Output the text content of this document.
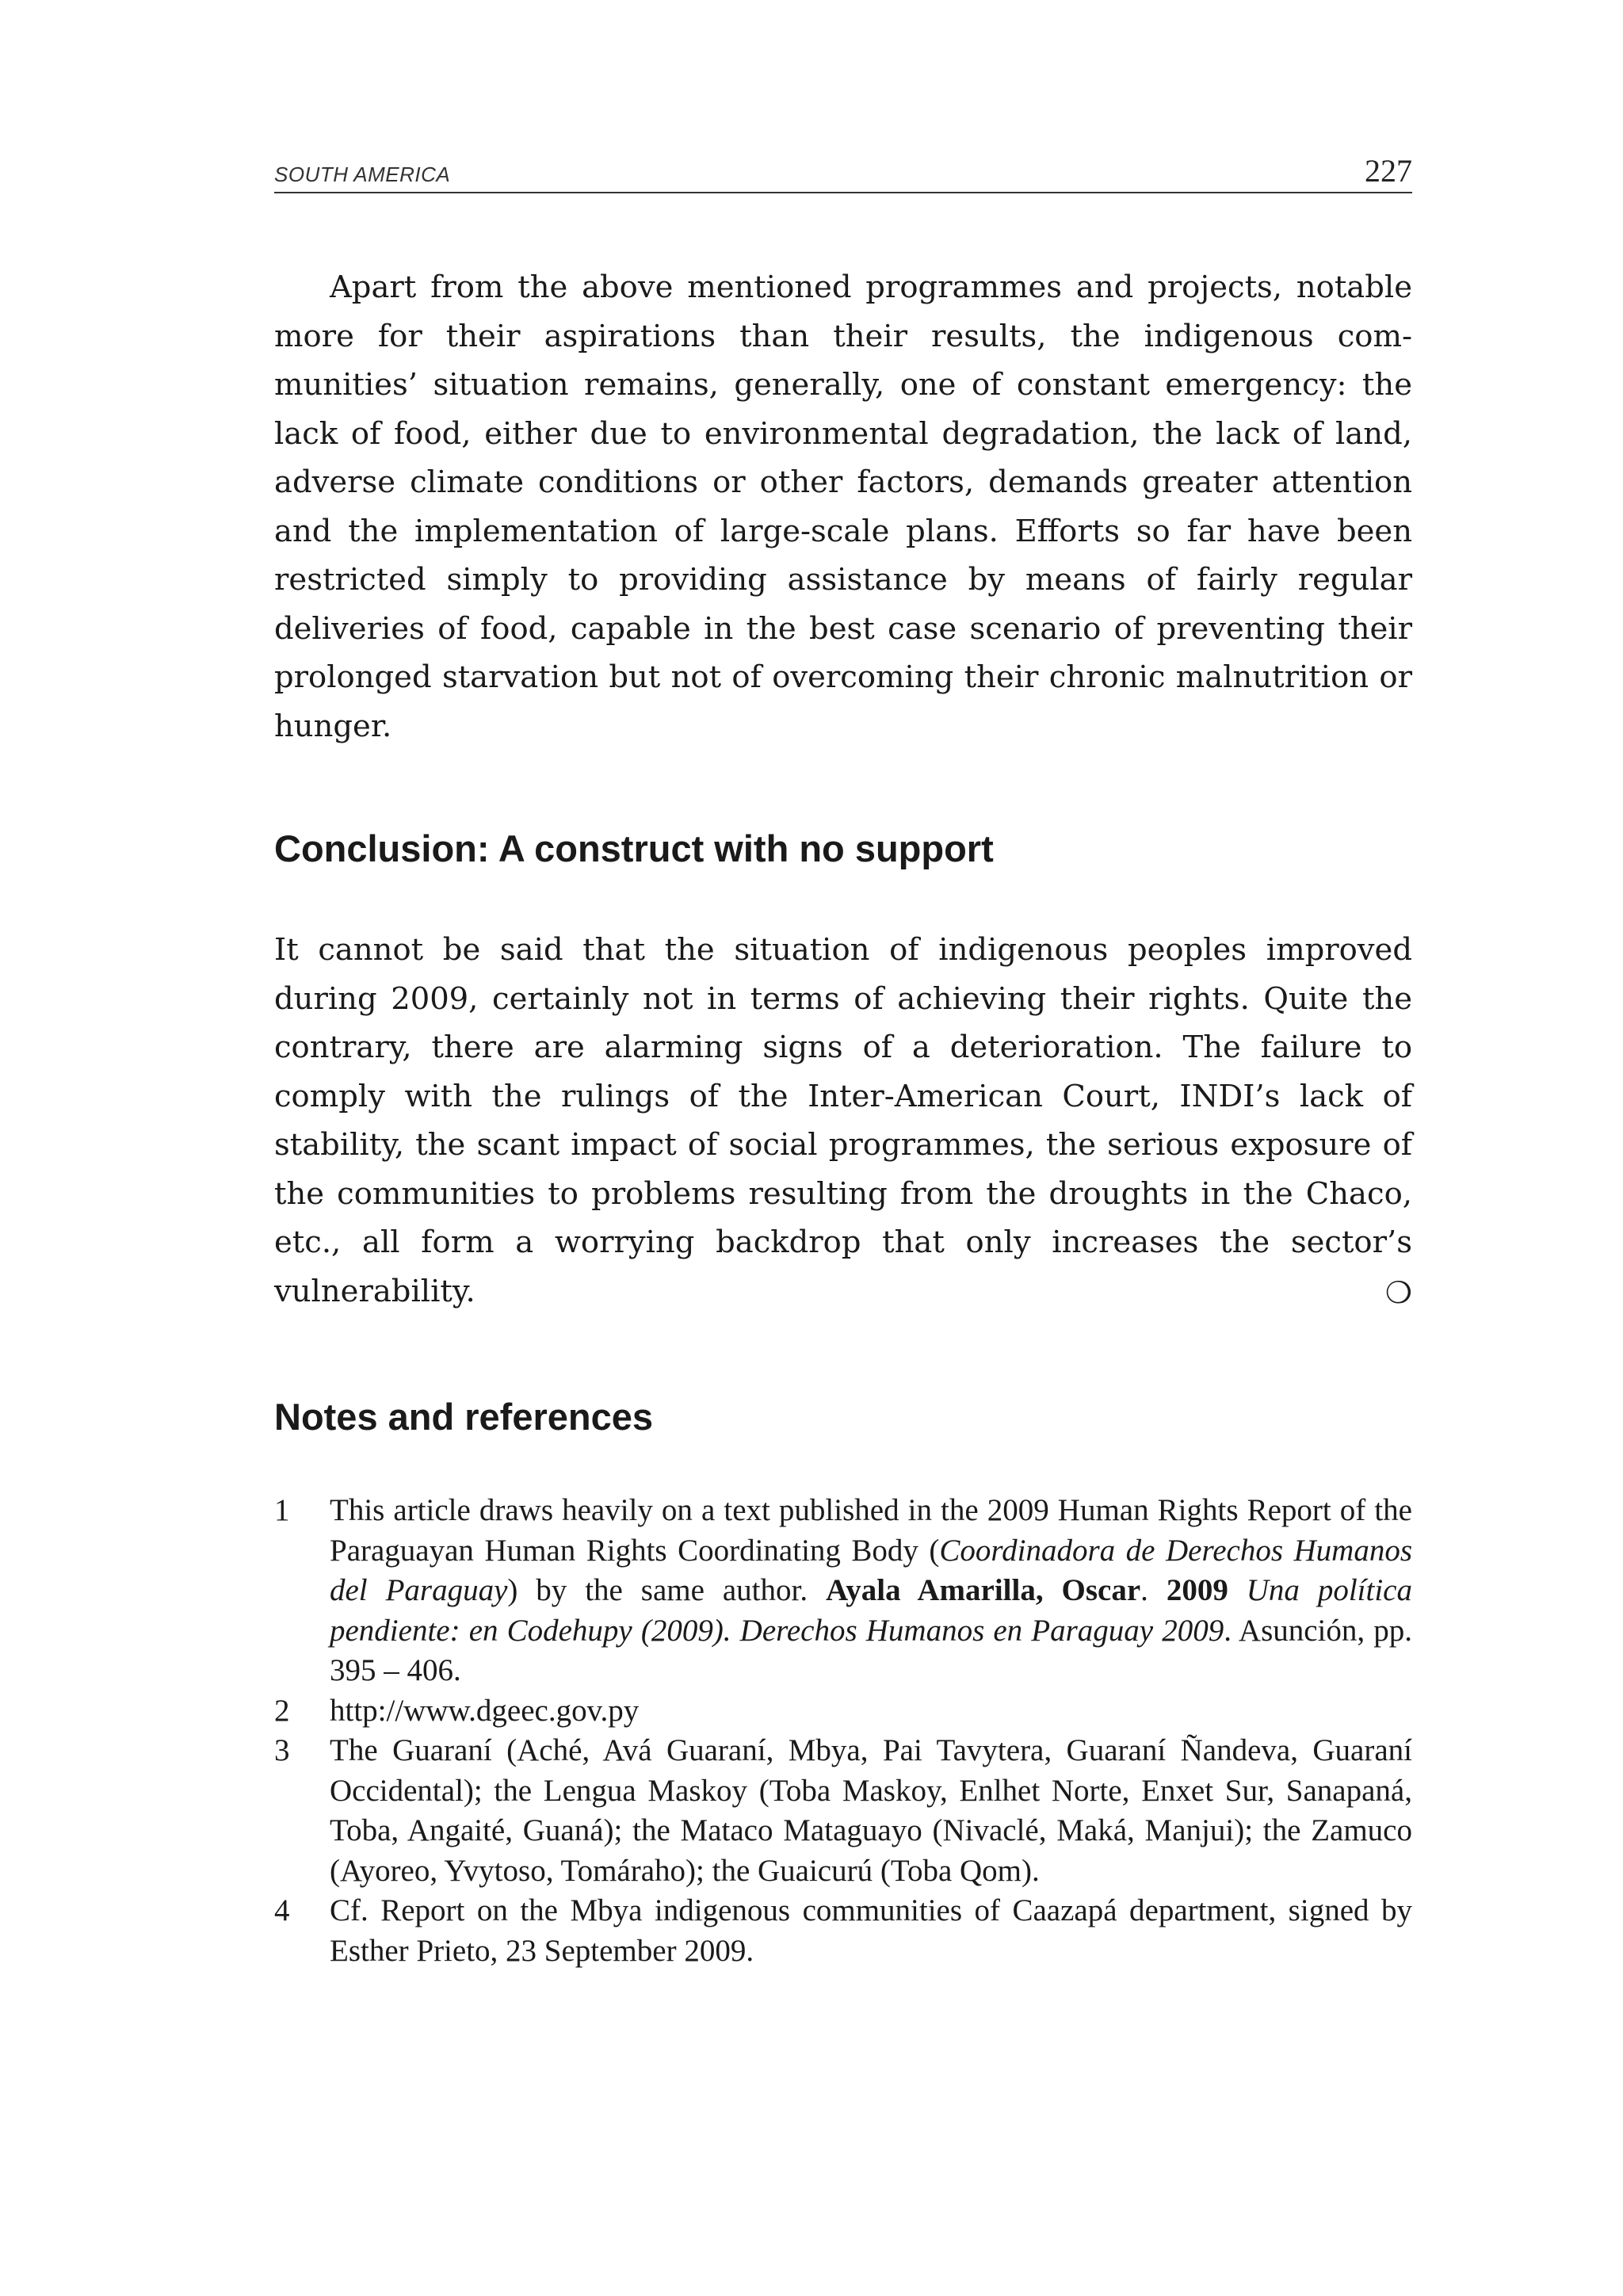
SOUTH AMERICA	227

Apart from the above mentioned programmes and projects, notable more for their aspirations than their results, the indigenous communities’ situation remains, generally, one of constant emergency: the lack of food, either due to environmental degradation, the lack of land, adverse climate conditions or other factors, demands greater attention and the implementation of large-scale plans. Efforts so far have been restricted simply to providing assistance by means of fairly regular deliveries of food, capable in the best case scenario of preventing their prolonged starvation but not of overcoming their chronic malnutrition or hunger.

Conclusion: A construct with no support

It cannot be said that the situation of indigenous peoples improved during 2009, certainly not in terms of achieving their rights. Quite the contrary, there are alarming signs of a deterioration. The failure to comply with the rulings of the Inter-American Court, INDI’s lack of stability, the scant impact of social programmes, the serious exposure of the communities to problems resulting from the droughts in the Chaco, etc., all form a worrying backdrop that only increases the sector’s vulnerability.	❍

Notes and references
1	This article draws heavily on a text published in the 2009 Human Rights Report of the Paraguayan Human Rights Coordinating Body (Coordinadora de Derechos Humanos del Paraguay) by the same author. Ayala Amarilla, Oscar. 2009 Una política pendiente: en Codehupy (2009). Derechos Humanos en Paraguay 2009. Asunción, pp. 395 – 406.
2	http://www.dgeec.gov.py
3	The Guaraní (Aché, Avá Guaraní, Mbya, Pai Tavytera, Guaraní Ñandeva, Guaraní Occidental); the Lengua Maskoy (Toba Maskoy, Enlhet Norte, Enxet Sur, Sanapaná, Toba, Angaité, Guaná); the Mataco Mataguayo (Nivaclé, Maká, Manjui); the Zamuco (Ayoreo, Yvytoso, Tomáraho); the Guaicurú (Toba Qom).
4	Cf. Report on the Mbya indigenous communities of Caazapá department, signed by Esther Prieto, 23 September 2009.
